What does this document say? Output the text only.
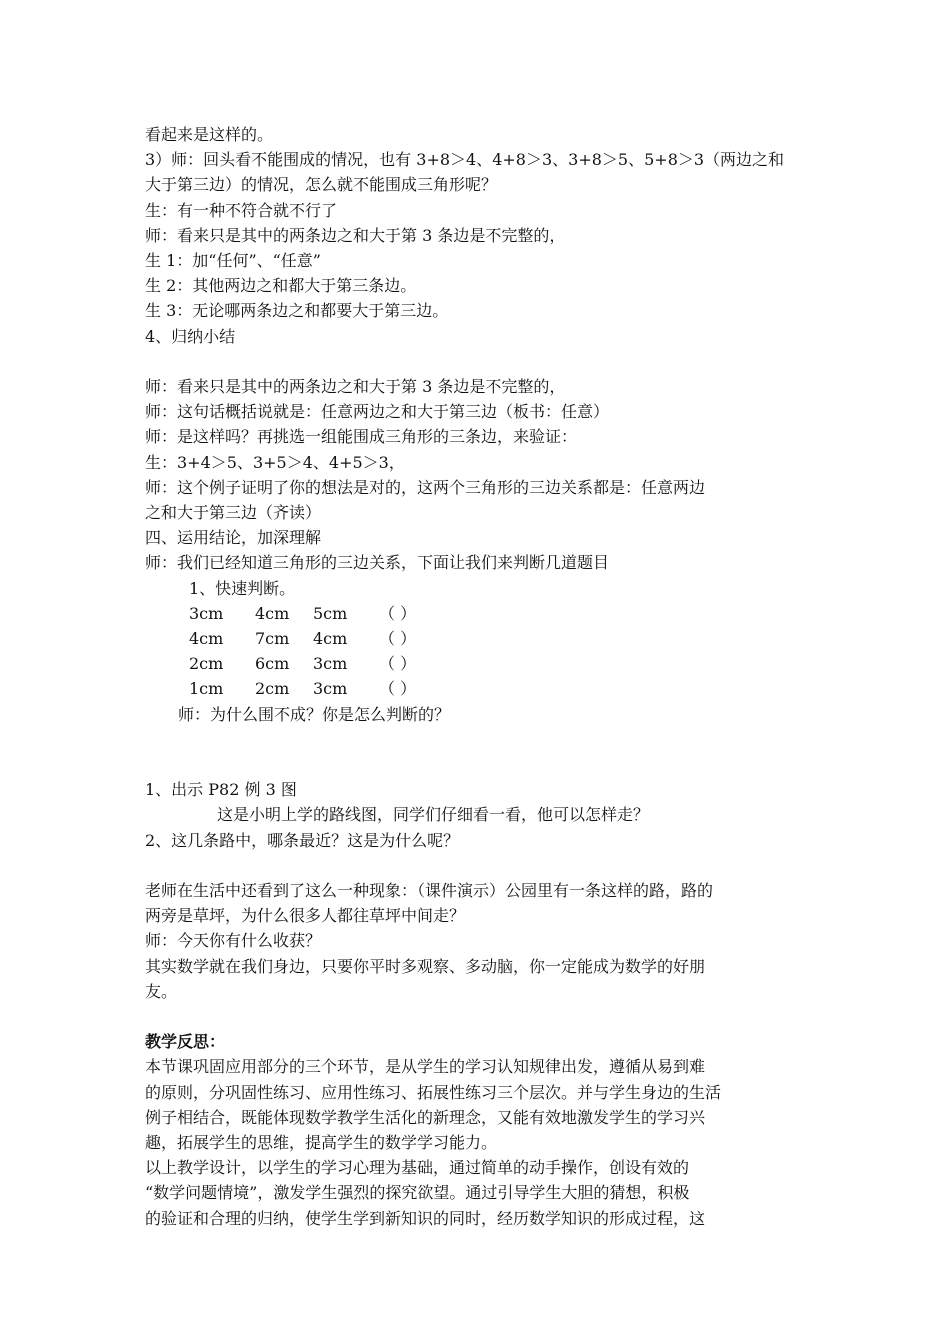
看起来是这样的。

3）师：回头看不能围成的情况，也有 3+8＞4、4+8＞3、3+8＞5、5+8＞3（两边之和

大于第三边）的情况，怎么就不能围成三角形呢？

生：有一种不符合就不行了

师：看来只是其中的两条边之和大于第 3 条边是不完整的，

生 1：加“任何”、“任意”

生 2：其他两边之和都大于第三条边。

生 3：无论哪两条边之和都要大于第三边。

4、归纳小结

师：看来只是其中的两条边之和大于第 3 条边是不完整的，

师：这句话概括说就是：任意两边之和大于第三边（板书：任意）

师：是这样吗？再挑选一组能围成三角形的三条边，来验证：

生：3+4＞5、3+5＞4、4+5＞3，

师：这个例子证明了你的想法是对的，这两个三角形的三边关系都是：任意两边

之和大于第三边（齐读）

四、运用结论，加深理解

师：我们已经知道三角形的三边关系，下面让我们来判断几道题目

1、快速判断。

3cm	4cm	5cm	（ ）
4cm	7cm	4cm	（ ）
2cm	6cm	3cm	（ ）
1cm	2cm	3cm	（ ）

师：为什么围不成？你是怎么判断的？

1、出示 P82 例 3 图

这是小明上学的路线图，同学们仔细看一看，他可以怎样走？

2、这几条路中，哪条最近？这是为什么呢？

老师在生活中还看到了这么一种现象：（课件演示）公园里有一条这样的路，路的

两旁是草坪，为什么很多人都往草坪中间走？

师：今天你有什么收获？

其实数学就在我们身边，只要你平时多观察、多动脑，你一定能成为数学的好朋

友。

教学反思：

本节课巩固应用部分的三个环节，是从学生的学习认知规律出发，遵循从易到难

的原则，分巩固性练习、应用性练习、拓展性练习三个层次。并与学生身边的生活

例子相结合，既能体现数学教学生活化的新理念，又能有效地激发学生的学习兴

趣，拓展学生的思维，提高学生的数学学习能力。

以上教学设计，以学生的学习心理为基础，通过简单的动手操作，创设有效的

“数学问题情境”，激发学生强烈的探究欲望。通过引导学生大胆的猜想，积极

的验证和合理的归纳，使学生学到新知识的同时，经历数学知识的形成过程，这
